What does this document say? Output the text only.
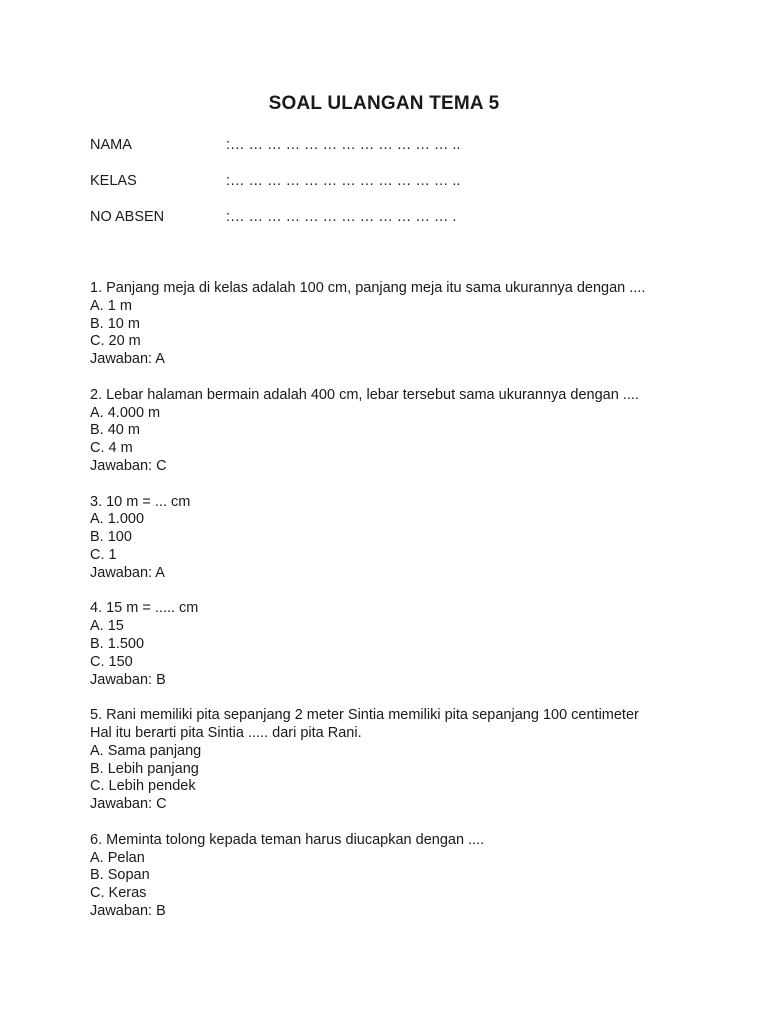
SOAL ULANGAN TEMA 5
NAMA	:… … … … … … … … … … … … ..
KELAS	:… … … … … … … … … … … … ..
NO ABSEN	:… … … … … … … … … … … … .
1. Panjang meja di kelas adalah 100 cm, panjang meja itu sama ukurannya dengan ....
A. 1 m
B. 10 m
C. 20 m
Jawaban: A
2. Lebar halaman bermain adalah 400 cm, lebar tersebut sama ukurannya dengan ....
A. 4.000 m
B. 40 m
C. 4 m
Jawaban: C
3. 10 m = ... cm
A. 1.000
B. 100
C. 1
Jawaban: A
4. 15 m = ..... cm
A. 15
B. 1.500
C. 150
Jawaban: B
5. Rani memiliki pita sepanjang 2 meter Sintia memiliki pita sepanjang 100 centimeter
Hal itu berarti pita Sintia ..... dari pita Rani.
A. Sama panjang
B. Lebih panjang
C. Lebih pendek
Jawaban: C
6. Meminta tolong kepada teman harus diucapkan dengan ....
A. Pelan
B. Sopan
C. Keras
Jawaban: B
